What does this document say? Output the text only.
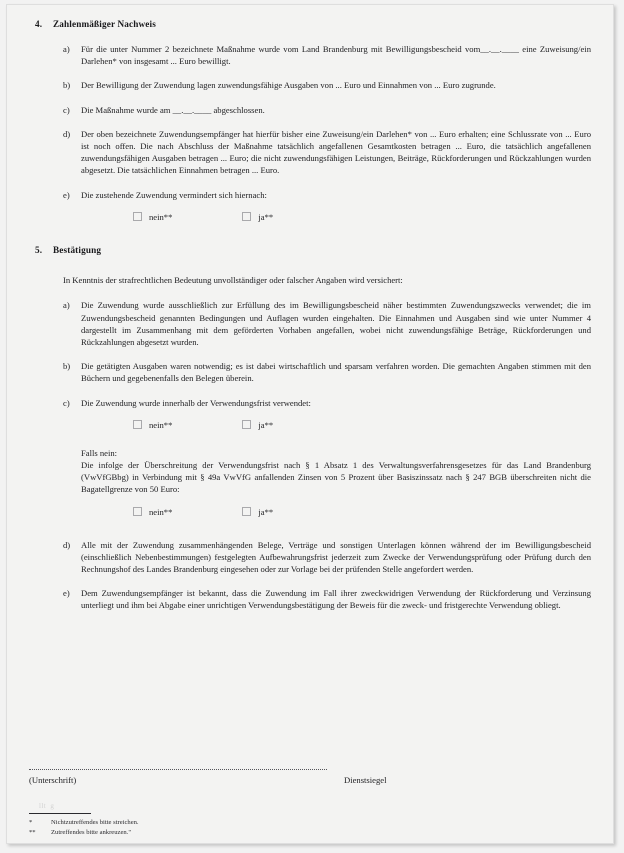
4.	Zahlenmäßiger Nachweis
a)	Für die unter Nummer 2 bezeichnete Maßnahme wurde vom Land Brandenburg mit Bewilligungsbescheid vom__.__.____ eine Zuweisung/ein Darlehen* von insgesamt ... Euro bewilligt.
b)	Der Bewilligung der Zuwendung lagen zuwendungsfähige Ausgaben von ... Euro und Einnahmen von ... Euro zugrunde.
c)	Die Maßnahme wurde am __.__.____ abgeschlossen.
d)	Der oben bezeichnete Zuwendungsempfänger hat hierfür bisher eine Zuweisung/ein Darlehen* von ... Euro erhalten; eine Schlussrate von ... Euro ist noch offen. Die nach Abschluss der Maßnahme tatsächlich angefallenen Gesamtkosten betragen ... Euro, die tatsächlich angefallenen zuwendungsfähigen Ausgaben betragen ... Euro; die nicht zuwendungsfähigen Leistungen, Beiträge, Rückforderungen und Rückzahlungen wurden abgesetzt. Die tatsächlichen Einnahmen betragen ... Euro.
e)	Die zustehende Zuwendung vermindert sich hiernach:
nein**	ja**
5.	Bestätigung
In Kenntnis der strafrechtlichen Bedeutung unvollständiger oder falscher Angaben wird versichert:
a)	Die Zuwendung wurde ausschließlich zur Erfüllung des im Bewilligungsbescheid näher bestimmten Zuwendungszwecks verwendet; die im Zuwendungsbescheid genannten Bedingungen und Auflagen wurden eingehalten. Die Einnahmen und Ausgaben sind wie unter Nummer 4 dargestellt im Zusammenhang mit dem geförderten Vorhaben angefallen, wobei nicht zuwendungsfähige Beträge, Rückforderungen und Rückzahlungen abgesetzt wurden.
b)	Die getätigten Ausgaben waren notwendig; es ist dabei wirtschaftlich und sparsam verfahren worden. Die gemachten Angaben stimmen mit den Büchern und gegebenenfalls den Belegen überein.
c)	Die Zuwendung wurde innerhalb der Verwendungsfrist verwendet:
nein**	ja**
Falls nein:
Die infolge der Überschreitung der Verwendungsfrist nach § 1 Absatz 1 des Verwaltungsverfahrensgesetzes für das Land Brandenburg (VwVfGBbg) in Verbindung mit § 49a VwVfG anfallenden Zinsen von 5 Prozent über Basiszinssatz nach § 247 BGB überschreiten nicht die Bagatellgrenze von 50 Euro:
nein**	ja**
d)	Alle mit der Zuwendung zusammenhängenden Belege, Verträge und sonstigen Unterlagen können während der im Bewilligungsbescheid (einschließlich Nebenbestimmungen) festgelegten Aufbewahrungsfrist jederzeit zum Zwecke der Verwendungsprüfung oder Prüfung durch den Rechnungshof des Landes Brandenburg eingesehen oder zur Vorlage bei der prüfenden Stelle angefordert werden.
e)	Dem Zuwendungsempfänger ist bekannt, dass die Zuwendung im Fall ihrer zweckwidrigen Verwendung der Rückforderung und Verzinsung unterliegt und ihm bei Abgabe einer unrichtigen Verwendungsbestätigung der Beweis für die zweck- und fristgerechte Verwendung obliegt.
(Unterschrift)	Dienstsiegel
llt  g
*	Nichtzutreffendes bitte streichen.
**	Zutreffendes bitte ankreuzen."
